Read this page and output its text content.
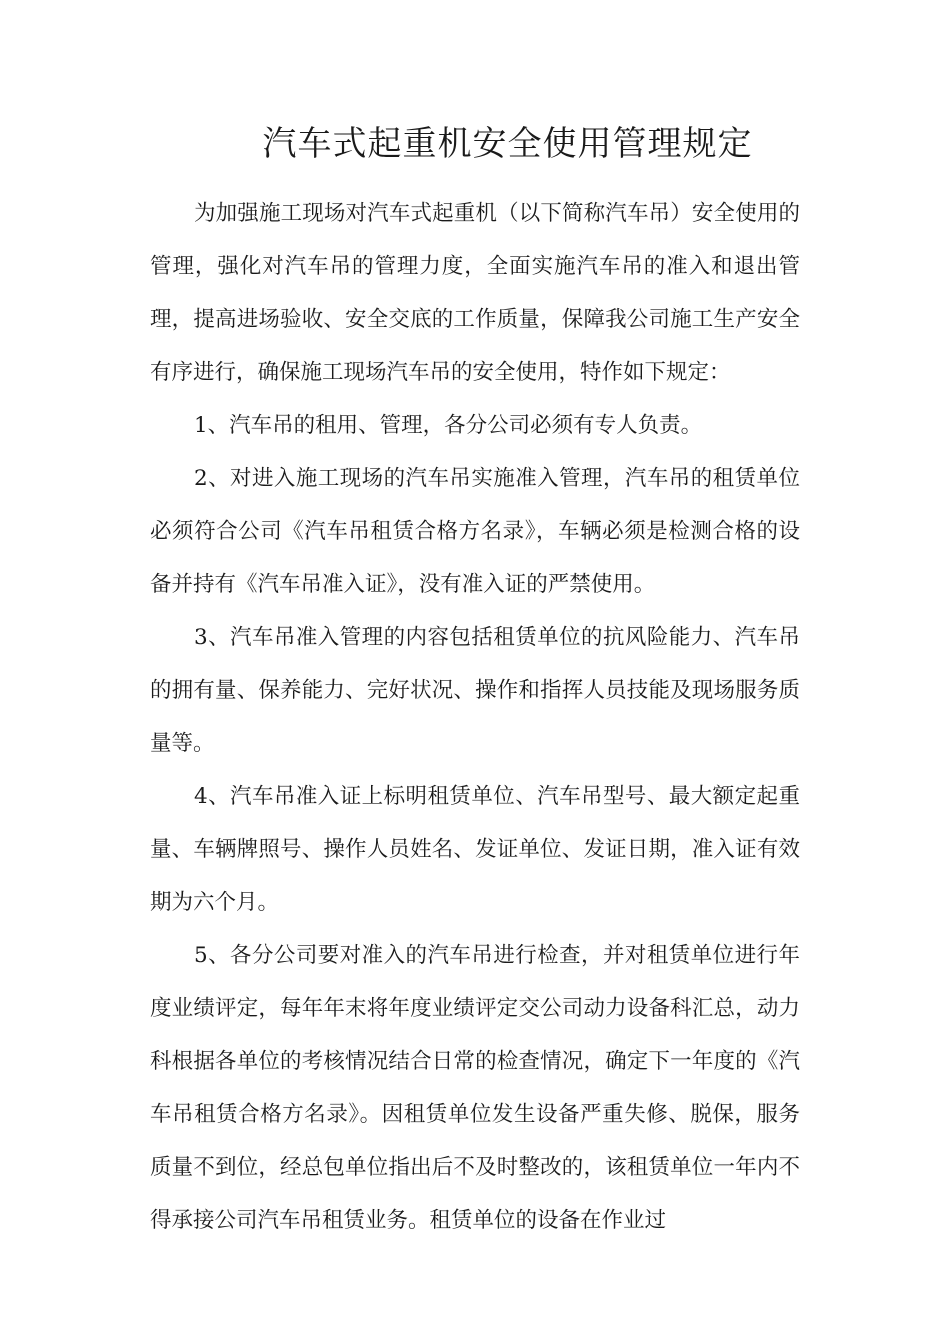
汽车式起重机安全使用管理规定

为加强施工现场对汽车式起重机（以下简称汽车吊）安全使用的管理，强化对汽车吊的管理力度，全面实施汽车吊的准入和退出管理，提高进场验收、安全交底的工作质量，保障我公司施工生产安全有序进行，确保施工现场汽车吊的安全使用，特作如下规定：

1、汽车吊的租用、管理，各分公司必须有专人负责。

2、对进入施工现场的汽车吊实施准入管理，汽车吊的租赁单位必须符合公司《汽车吊租赁合格方名录》，车辆必须是检测合格的设备并持有《汽车吊准入证》，没有准入证的严禁使用。

3、汽车吊准入管理的内容包括租赁单位的抗风险能力、汽车吊的拥有量、保养能力、完好状况、操作和指挥人员技能及现场服务质量等。

4、汽车吊准入证上标明租赁单位、汽车吊型号、最大额定起重量、车辆牌照号、操作人员姓名、发证单位、发证日期，准入证有效期为六个月。

5、各分公司要对准入的汽车吊进行检查，并对租赁单位进行年度业绩评定，每年年末将年度业绩评定交公司动力设备科汇总，动力科根据各单位的考核情况结合日常的检查情况，确定下一年度的《汽车吊租赁合格方名录》。因租赁单位发生设备严重失修、脱保，服务质量不到位，经总包单位指出后不及时整改的，该租赁单位一年内不得承接公司汽车吊租赁业务。租赁单位的设备在作业过
